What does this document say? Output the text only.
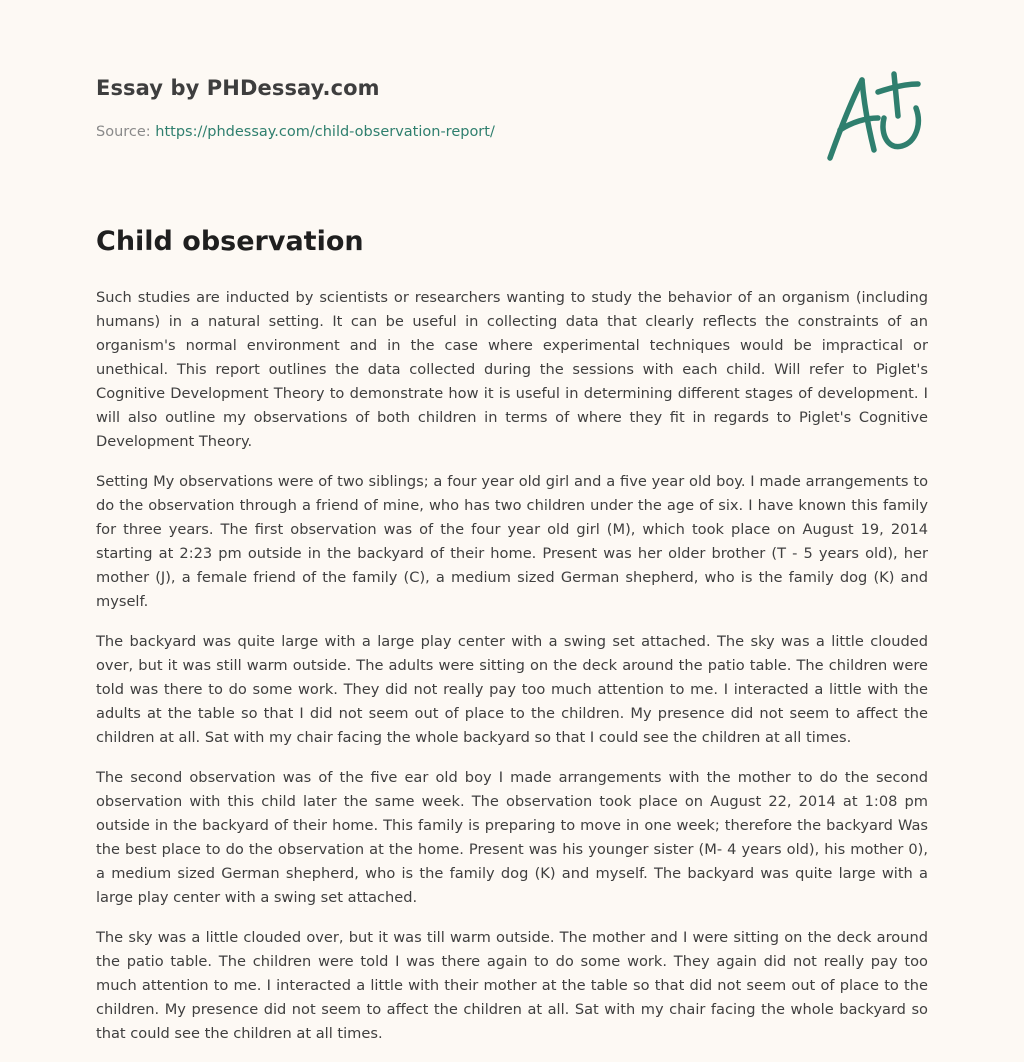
Essay by PHDessay.com
Source: https://phdessay.com/child-observation-report/
Child observation

Such studies are inducted by scientists or researchers wanting to study the behavior of an organism (including humans) in a natural setting. It can be useful in collecting data that clearly reflects the constraints of an organism's normal environment and in the case where experimental techniques would be impractical or unethical. This report outlines the data collected during the sessions with each child. Will refer to Piglet's Cognitive Development Theory to demonstrate how it is useful in determining different stages of development. I will also outline my observations of both children in terms of where they fit in regards to Piglet's Cognitive Development Theory.

Setting My observations were of two siblings; a four year old girl and a five year old boy. I made arrangements to do the observation through a friend of mine, who has two children under the age of six. I have known this family for three years. The first observation was of the four year old girl (M), which took place on August 19, 2014 starting at 2:23 pm outside in the backyard of their home. Present was her older brother (T - 5 years old), her mother (J), a female friend of the family (C), a medium sized German shepherd, who is the family dog (K) and myself.

The backyard was quite large with a large play center with a swing set attached. The sky was a little clouded over, but it was still warm outside. The adults were sitting on the deck around the patio table. The children were told was there to do some work. They did not really pay too much attention to me. I interacted a little with the adults at the table so that I did not seem out of place to the children. My presence did not seem to affect the children at all. Sat with my chair facing the whole backyard so that I could see the children at all times.

The second observation was of the five ear old boy I made arrangements with the mother to do the second observation with this child later the same week. The observation took place on August 22, 2014 at 1:08 pm outside in the backyard of their home. This family is preparing to move in one week; therefore the backyard Was the best place to do the observation at the home. Present was his younger sister (M- 4 years old), his mother 0), a medium sized German shepherd, who is the family dog (K) and myself. The backyard was quite large with a large play center with a swing set attached.

The sky was a little clouded over, but it was till warm outside. The mother and I were sitting on the deck around the patio table. The children were told I was there again to do some work. They again did not really pay too much attention to me. I interacted a little with their mother at the table so that did not seem out of place to the children. My presence did not seem to affect the children at all. Sat with my chair facing the whole backyard so that could see the children at all times.
